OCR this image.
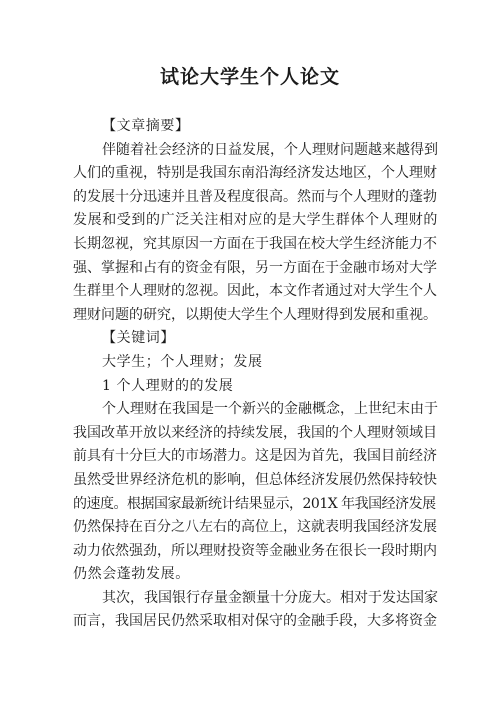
试论大学生个人论文
【文章摘要】
伴随着社会经济的日益发展，个人理财问题越来越得到
人们的重视，特别是我国东南沿海经济发达地区，个人理财
的发展十分迅速并且普及程度很高。然而与个人理财的蓬勃
发展和受到的广泛关注相对应的是大学生群体个人理财的
长期忽视，究其原因一方面在于我国在校大学生经济能力不
强、掌握和占有的资金有限，另一方面在于金融市场对大学
生群里个人理财的忽视。因此，本文作者通过对大学生个人
理财问题的研究，以期使大学生个人理财得到发展和重视。
【关键词】
大学生；个人理财；发展
1 个人理财的的发展
个人理财在我国是一个新兴的金融概念，上世纪末由于
我国改革开放以来经济的持续发展，我国的个人理财领域目
前具有十分巨大的市场潜力。这是因为首先，我国目前经济
虽然受世界经济危机的影响，但总体经济发展仍然保持较快
的速度。根据国家最新统计结果显示，201X 年我国经济发展
仍然保持在百分之八左右的高位上，这就表明我国经济发展
动力依然强劲，所以理财投资等金融业务在很长一段时期内
仍然会蓬勃发展。
其次，我国银行存量金额量十分庞大。相对于发达国家
而言，我国居民仍然采取相对保守的金融手段，大多将资金
